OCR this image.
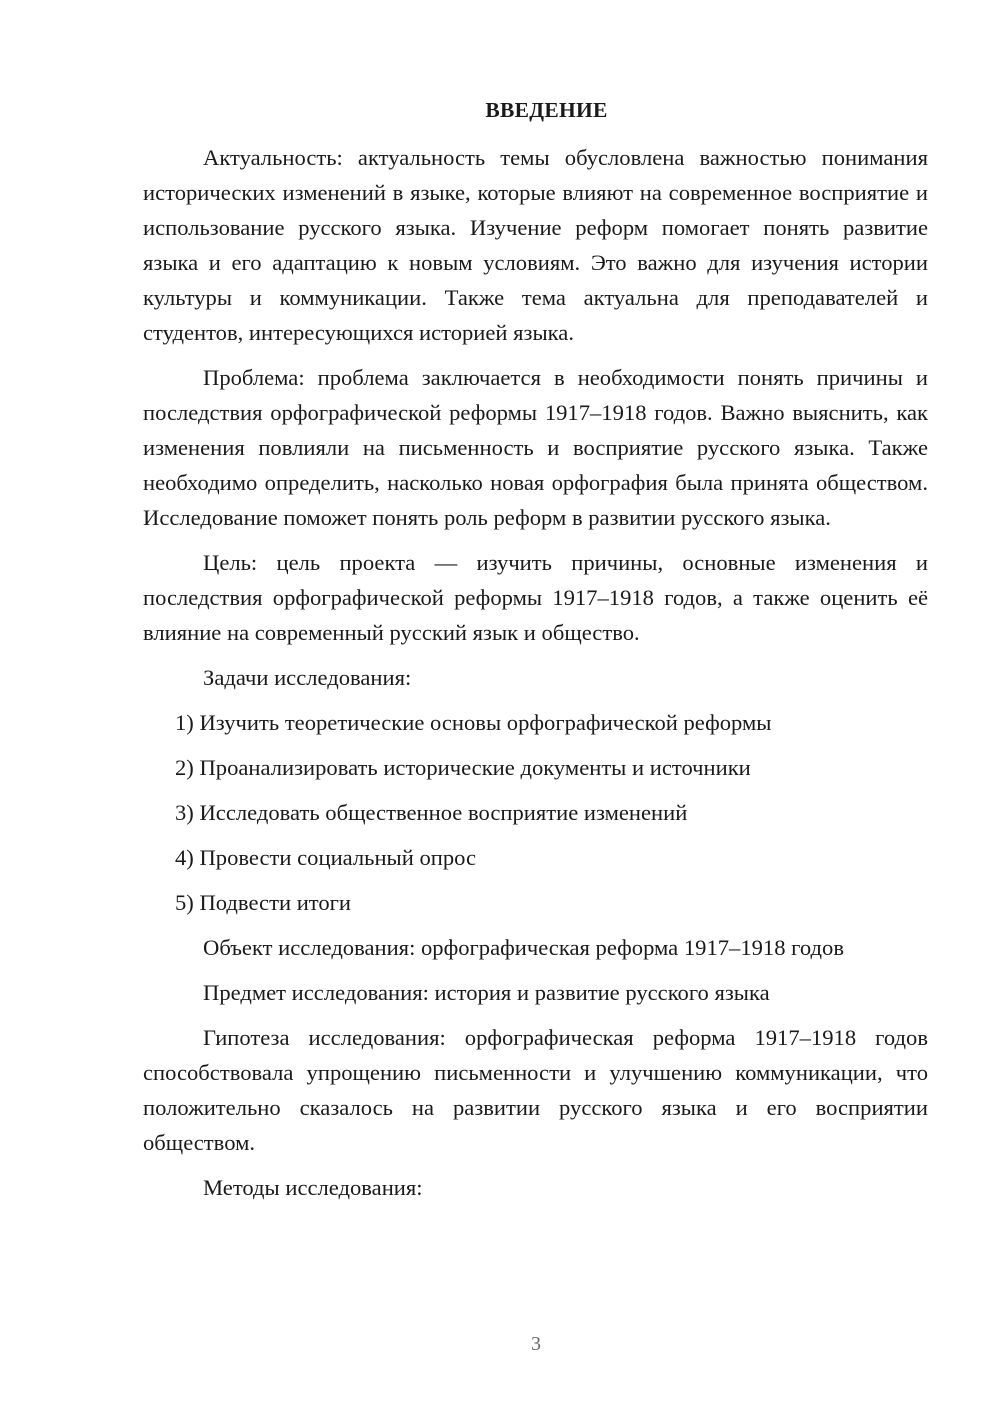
ВВЕДЕНИЕ

Актуальность: актуальность темы обусловлена важностью понимания исторических изменений в языке, которые влияют на современное восприятие и использование русского языка. Изучение реформ помогает понять развитие языка и его адаптацию к новым условиям. Это важно для изучения истории культуры и коммуникации. Также тема актуальна для преподавателей и студентов, интересующихся историей языка.

Проблема: проблема заключается в необходимости понять причины и последствия орфографической реформы 1917–1918 годов. Важно выяснить, как изменения повлияли на письменность и восприятие русского языка. Также необходимо определить, насколько новая орфография была принята обществом. Исследование поможет понять роль реформ в развитии русского языка.

Цель: цель проекта — изучить причины, основные изменения и последствия орфографической реформы 1917–1918 годов, а также оценить её влияние на современный русский язык и общество.

Задачи исследования:

1) Изучить теоретические основы орфографической реформы

2) Проанализировать исторические документы и источники

3) Исследовать общественное восприятие изменений

4) Провести социальный опрос

5) Подвести итоги

Объект исследования: орфографическая реформа 1917–1918 годов

Предмет исследования: история и развитие русского языка

Гипотеза исследования: орфографическая реформа 1917–1918 годов способствовала упрощению письменности и улучшению коммуникации, что положительно сказалось на развитии русского языка и его восприятии обществом.

Методы исследования:

3
